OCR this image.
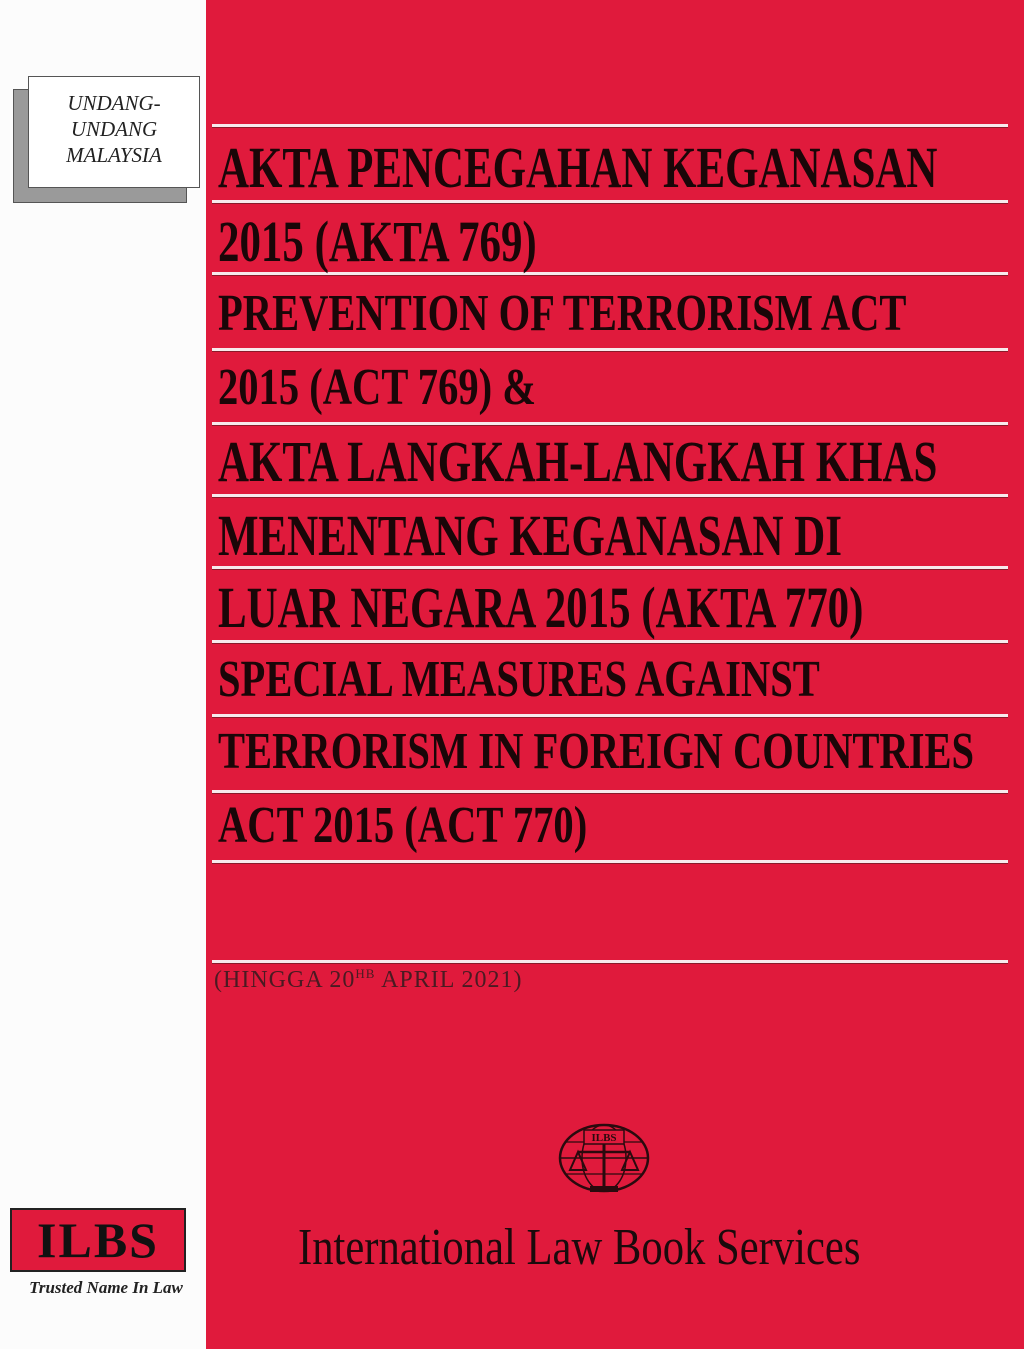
UNDANG-
UNDANG
MALAYSIA AKTA PENCEGAHAN KEGANASAN
2015 (AKTA 769)
PREVENTION OF TERRORISM ACT
2015 (ACT 769) &
AKTA LANGKAH-LANGKAH KHAS
MENENTANG KEGANASAN DI
LUAR NEGARA 2015 (AKTA 770)
SPECIAL MEASURES AGAINST
TERRORISM IN FOREIGN COUNTRIES
ACT 2015 (ACT 770)
(HINGGA $20^{HB}$ APRIL 2021)
ILBS
International Law Book Services
ILBS
Trusted Name In Law
